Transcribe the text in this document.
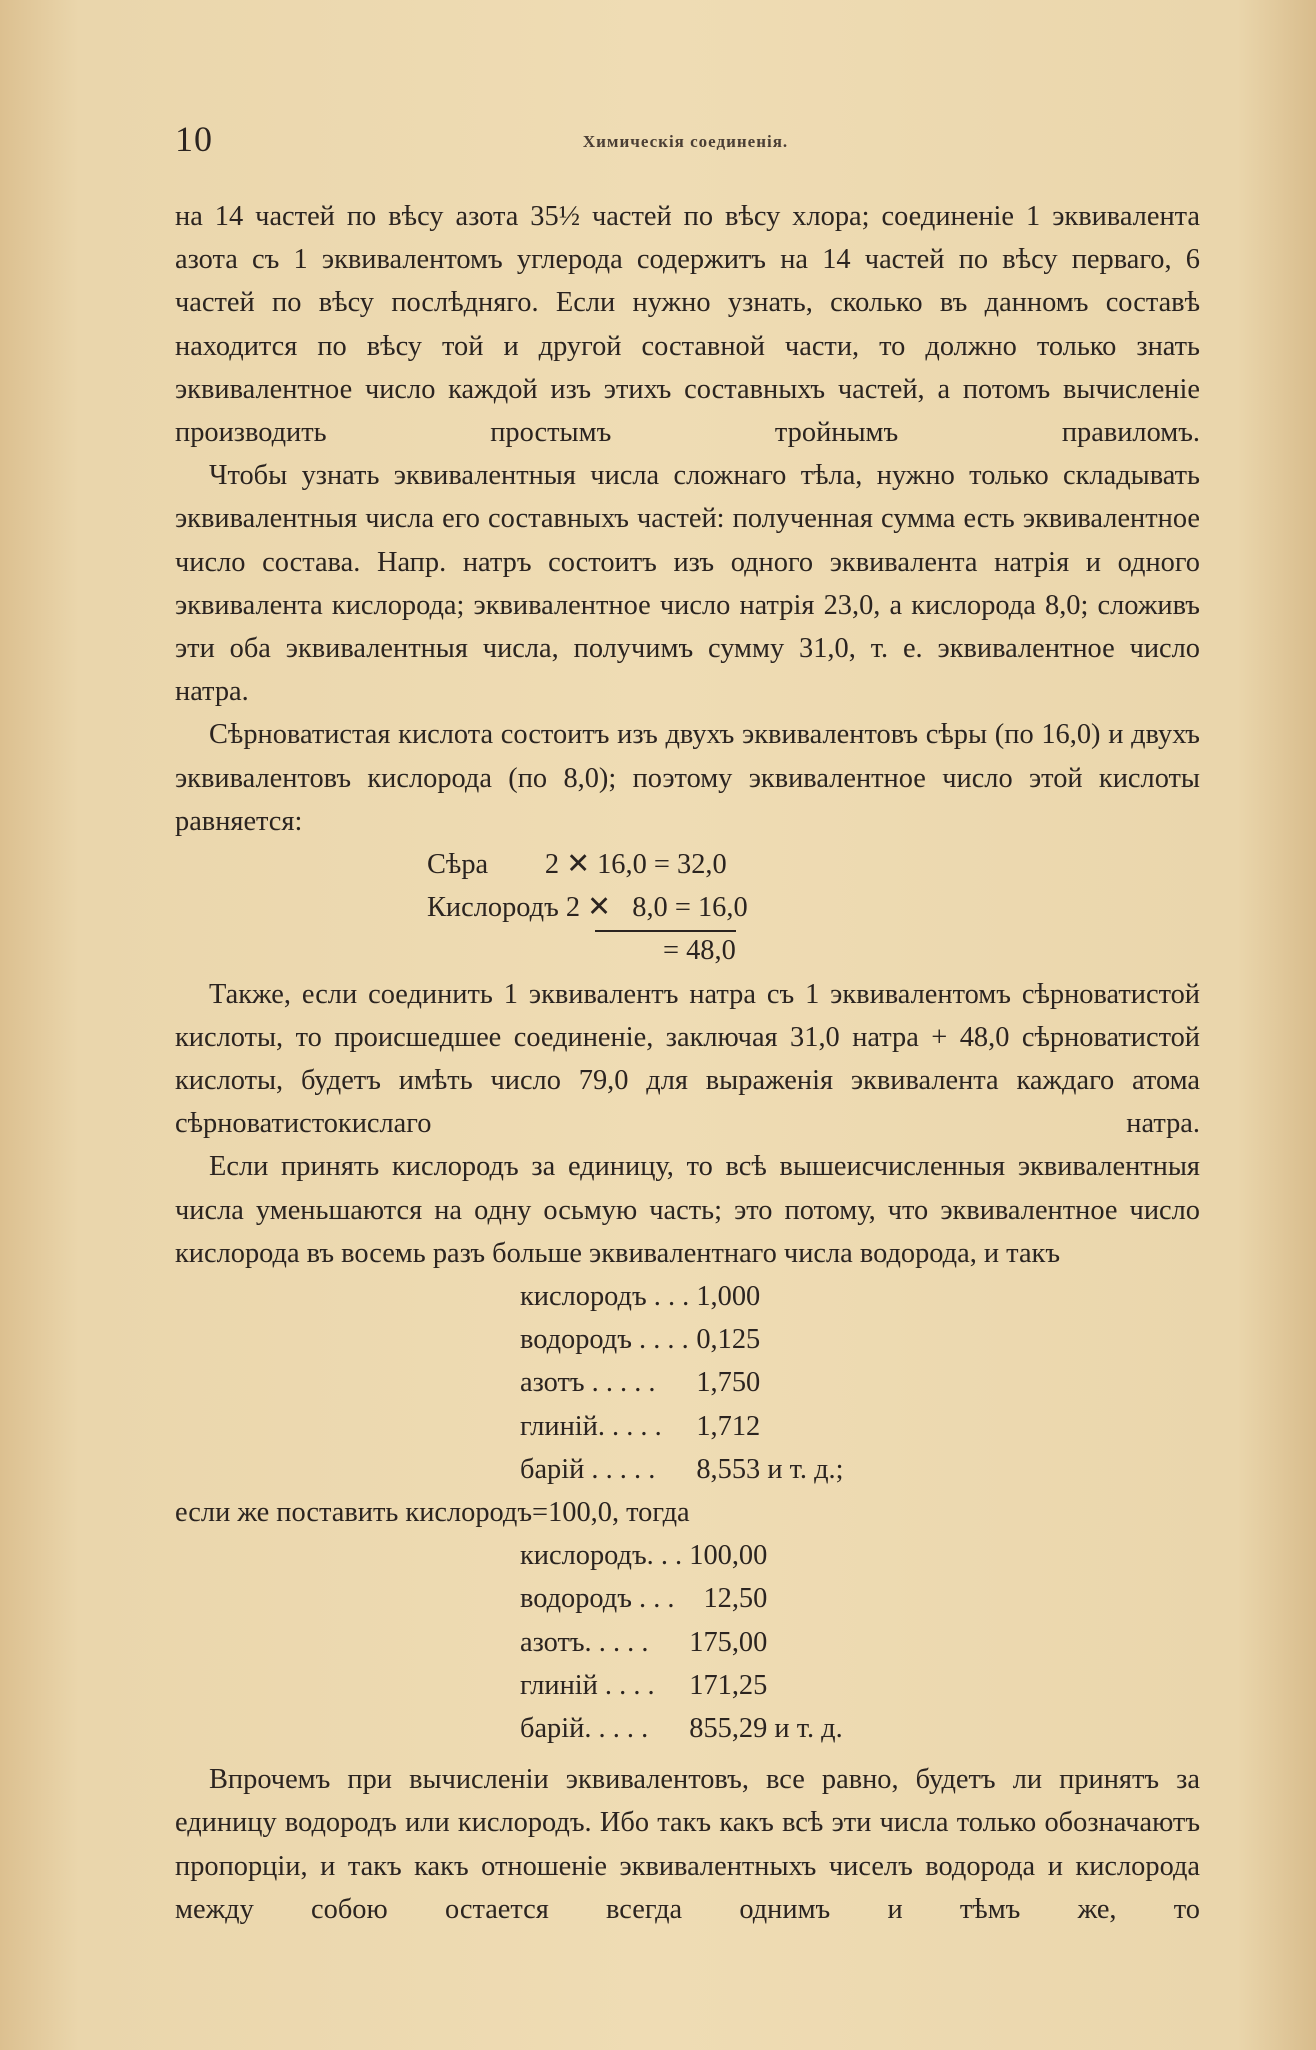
10	Химическія соединенія.

на 14 частей по вѣсу азота 35½ частей по вѣсу хлора; соединеніе 1 эквивалента азота съ 1 эквивалентомъ углерода содержитъ на 14 частей по вѣсу перваго, 6 частей по вѣсу послѣдняго. Если нужно узнать, сколько въ данномъ составѣ находится по вѣсу той и другой составной части, то должно только знать эквивалентное число каждой изъ этихъ составныхъ частей, а потомъ вычисленіе производить простымъ тройнымъ правиломъ.

Чтобы узнать эквивалентныя числа сложнаго тѣла, нужно только складывать эквивалентныя числа его составныхъ частей: полученная сумма есть эквивалентное число состава. Напр. натръ состоитъ изъ одного эквивалента натрія и одного эквивалента кислорода; эквивалентное число натрія 23,0, а кислорода 8,0; сложивъ эти оба эквивалентныя числа, получимъ сумму 31,0, т. е. эквивалентное число натра.

Сѣрноватистая кислота состоитъ изъ двухъ эквивалентовъ сѣры (по 16,0) и двухъ эквивалентовъ кислорода (по 8,0); поэтому эквивалентное число этой кислоты равняется:

Сѣра        2 ✕ 16,0 = 32,0
Кислородъ 2 ✕   8,0 = 16,0
= 48,0

Также, если соединить 1 эквивалентъ натра съ 1 эквивалентомъ сѣрноватистой кислоты, то происшедшее соединеніе, заключая 31,0 натра + 48,0 сѣрноватистой кислоты, будетъ имѣть число 79,0 для выраженія эквивалента каждаго атома сѣрноватистокислаго натра.

Если принять кислородъ за единицу, то всѣ вышеисчисленныя эквивалентныя числа уменьшаются на одну осьмую часть; это потому, что эквивалентное число кислорода въ восемь разъ больше эквивалентнаго числа водорода, и такъ

кислородъ . . .		1,000	
водородъ . . . .		0,125	
азотъ . . . . .		1,750	
глиній. . . . .		1,712	
барій . . . . .		8,553	и т. д.;

если же поставить кислородъ=100,0, тогда

кислородъ. . .		100,00	
водородъ . . .		12,50	
азотъ. . . . .		175,00	
глиній . . . .		171,25	
барій. . . . .		855,29	и т. д.

Впрочемъ при вычисленіи эквивалентовъ, все равно, будетъ ли принятъ за единицу водородъ или кислородъ. Ибо такъ какъ всѣ эти числа только обозначаютъ пропорціи, и такъ какъ отношеніе эквивалентныхъ чиселъ водорода и кислорода между собою остается всегда однимъ и тѣмъ же, то
